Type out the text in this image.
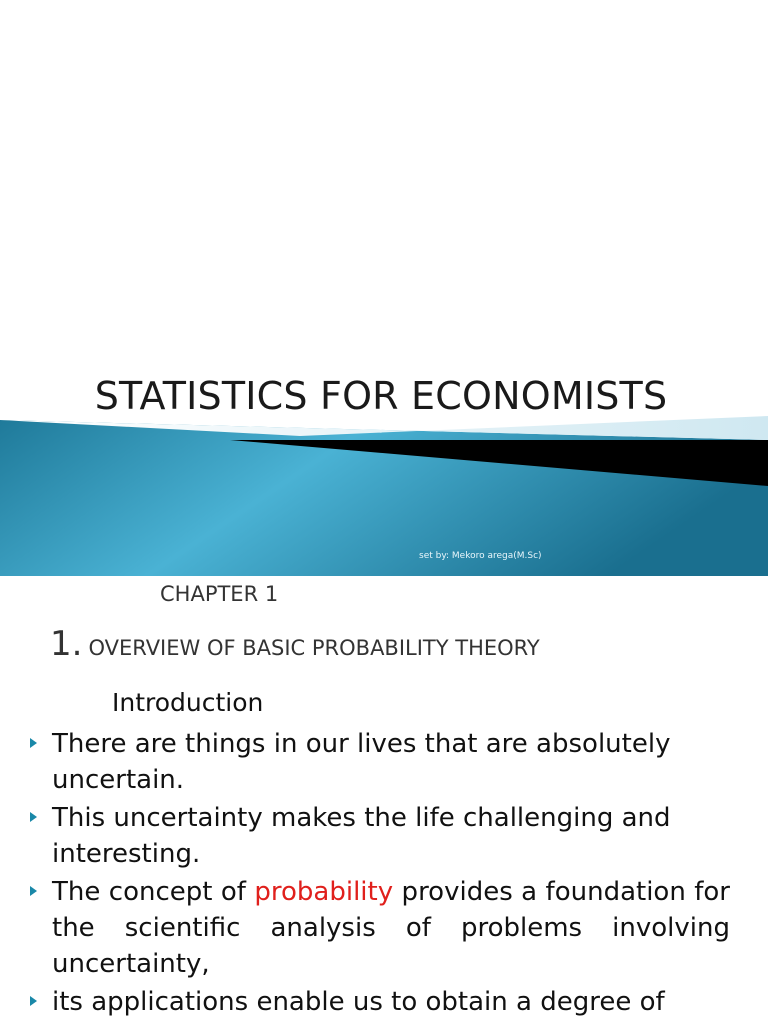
STATISTICS FOR ECONOMISTS
set by: Mekoro arega(M.Sc)
CHAPTER 1
1. OVERVIEW OF BASIC PROBABILITY THEORY
Introduction
There are things in our lives that are absolutely uncertain.
This uncertainty makes the life challenging and interesting.
The concept of probability provides a foundation for the scientific analysis of problems involving uncertainty,
its applications enable us to obtain a degree of
